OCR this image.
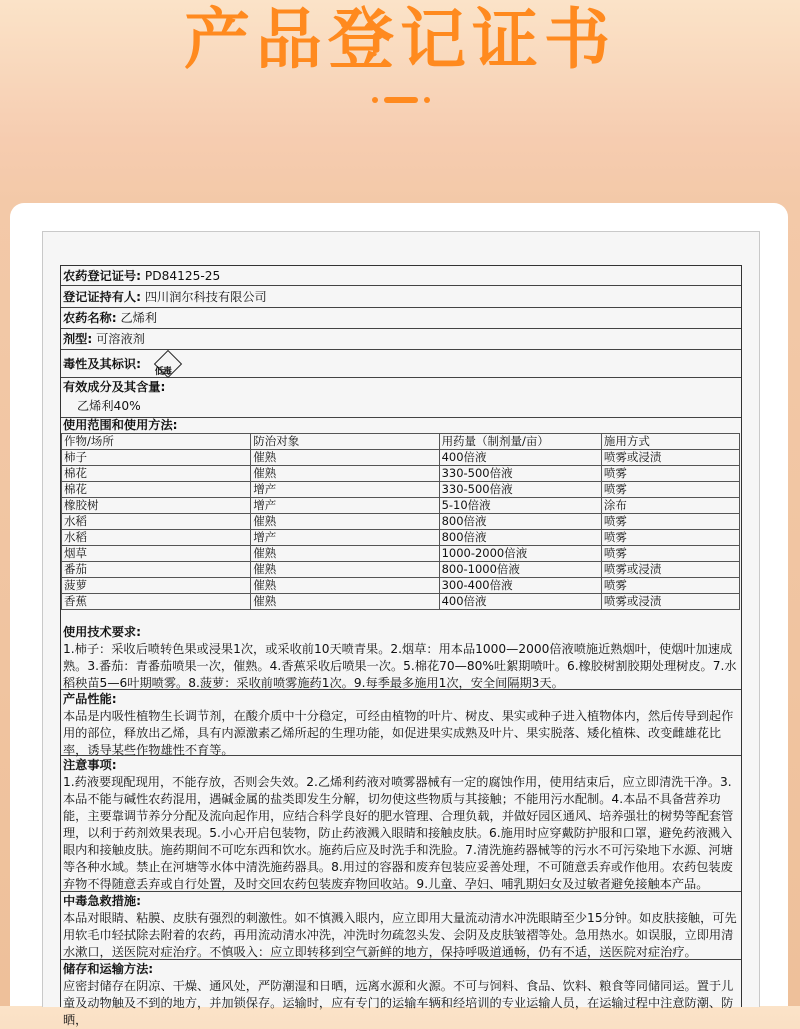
产品登记证书
农药登记证号: PD84125-25
登记证持有人: 四川润尔科技有限公司
农药名称: 乙烯利
剂型: 可溶液剂
毒性及其标识:
低毒
有效成分及其含量:
乙烯利40%
使用范围和使用方法:
作物/场所	防治对象	用药量（制剂量/亩）	施用方式
柿子	催熟	400倍液	喷雾或浸渍
棉花	催熟	330-500倍液	喷雾
棉花	增产	330-500倍液	喷雾
橡胶树	增产	5-10倍液	涂布
水稻	催熟	800倍液	喷雾
水稻	增产	800倍液	喷雾
烟草	催熟	1000-2000倍液	喷雾
番茄	催熟	800-1000倍液	喷雾或浸渍
菠萝	催熟	300-400倍液	喷雾
香蕉	催熟	400倍液	喷雾或浸渍
使用技术要求:
1.柿子：采收后喷转色果或浸果1次，或采收前10天喷青果。2.烟草：用本品1000—2000倍液喷施近熟烟叶，使烟叶加速成熟。3.番茄：青番茄喷果一次，催熟。4.香蕉采收后喷果一次。5.棉花70—80%吐絮期喷叶。6.橡胶树割胶期处理树皮。7.水稻秧苗5—6叶期喷雾。8.菠萝：采收前喷雾施药1次。9.每季最多施用1次，安全间隔期3天。
产品性能:
本品是内吸性植物生长调节剂，在酸介质中十分稳定，可经由植物的叶片、树皮、果实或种子进入植物体内，然后传导到起作用的部位，释放出乙烯，具有内源激素乙烯所起的生理功能，如促进果实成熟及叶片、果实脱落、矮化植株、改变雌雄花比率，诱导某些作物雄性不育等。
注意事项:
1.药液要现配现用，不能存放，否则会失效。2.乙烯利药液对喷雾器械有一定的腐蚀作用，使用结束后，应立即清洗干净。3.本品不能与碱性农药混用，遇碱金属的盐类即发生分解，切勿使这些物质与其接触；不能用污水配制。4.本品不具备营养功能，主要靠调节养分分配及流向起作用，应结合科学良好的肥水管理、合理负载，并做好园区通风、培养强壮的树势等配套管理，以利于药剂效果表现。5.小心开启包装物，防止药液溅入眼睛和接触皮肤。6.施用时应穿戴防护服和口罩，避免药液溅入眼内和接触皮肤。施药期间不可吃东西和饮水。施药后应及时洗手和洗脸。7.清洗施药器械等的污水不可污染地下水源、河塘等各种水域。禁止在河塘等水体中清洗施药器具。8.用过的容器和废弃包装应妥善处理，不可随意丢弃或作他用。农药包装废弃物不得随意丢弃或自行处置，及时交回农药包装废弃物回收站。9.儿童、孕妇、哺乳期妇女及过敏者避免接触本产品。
中毒急救措施:
本品对眼睛、粘膜、皮肤有强烈的刺激性。如不慎溅入眼内，应立即用大量流动清水冲洗眼睛至少15分钟。如皮肤接触，可先用软毛巾轻拭除去附着的农药，再用流动清水冲洗，冲洗时勿疏忽头发、会阴及皮肤皱褶等处。急用热水。如误服，立即用清水漱口，送医院对症治疗。不慎吸入：应立即转移到空气新鲜的地方，保持呼吸道通畅，仍有不适，送医院对症治疗。
储存和运输方法:
应密封储存在阴凉、干燥、通风处，严防潮湿和日晒，远离水源和火源。不可与饲料、食品、饮料、粮食等同储同运。置于儿童及动物触及不到的地方，并加锁保存。运输时，应有专门的运输车辆和经培训的专业运输人员，在运输过程中注意防潮、防晒，
